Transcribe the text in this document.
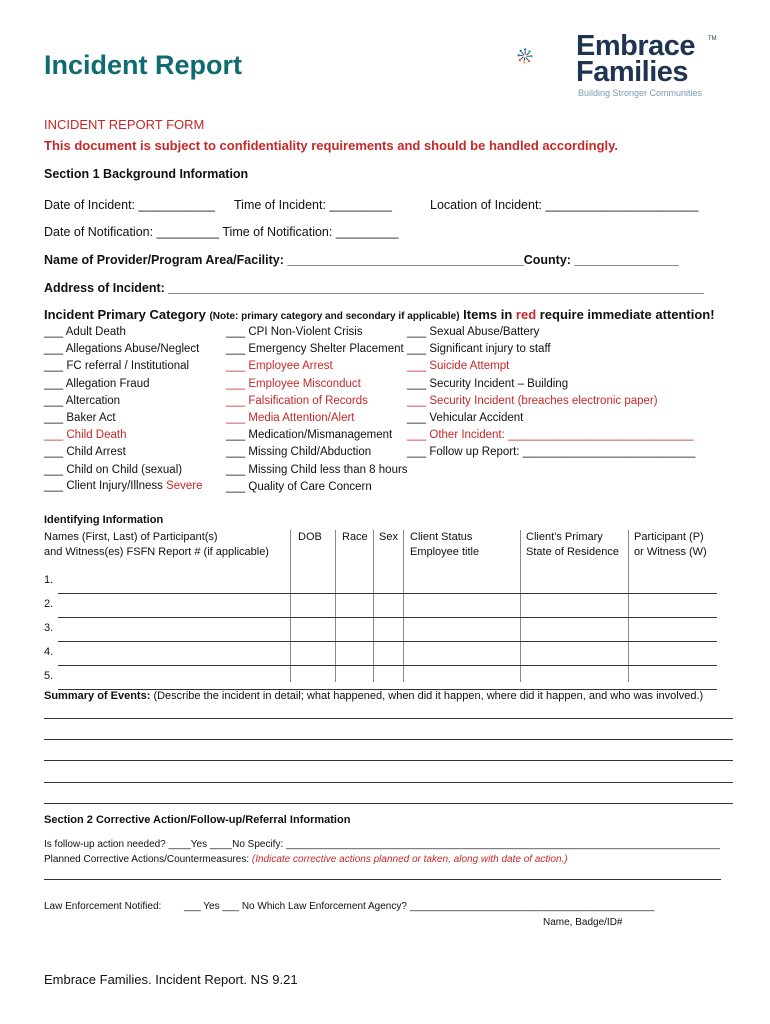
Incident Report
Embrace
Families
TM
Building Stronger Communities
INCIDENT REPORT FORM
This document is subject to confidentiality requirements and should be handled accordingly.
Section 1 Background Information
Date of Incident: ___________ Time of Incident: _________	Location of Incident: ______________________
Date of Notification: _________ Time of Notification: _________
Name of Provider/Program Area/Facility: __________________________________County: _______________
Address of Incident: _____________________________________________________________________________
Incident Primary Category (Note: primary category and secondary if applicable) Items in red require immediate attention!
___ Adult Death
___ Allegations Abuse/Neglect
___ FC referral / Institutional
___ Allegation Fraud
___ Altercation
___ Baker Act
___ Child Death
___ Child Arrest
___ Child on Child (sexual)
___ Client Injury/Illness Severe
___ CPI Non-Violent Crisis
___ Emergency Shelter Placement
___ Employee Arrest
___ Employee Misconduct
___ Falsification of Records
___ Media Attention/Alert
___ Medication/Mismanagement
___ Missing Child/Abduction
___ Missing Child less than 8 hours
___ Quality of Care Concern
___ Sexual Abuse/Battery
___ Significant injury to staff
___ Suicide Attempt
___ Security Incident – Building
___ Security Incident (breaches electronic paper)
___ Vehicular Accident
___ Other Incident: _____________________________
___ Follow up Report: ___________________________
Identifying Information
Names (First, Last) of Participant(s)
and Witness(es) FSFN Report # (if applicable)
DOB Race Sex Client Status
Employee title
Client’s Primary
State of Residence
Participant (P)
or Witness (W)
1.
2.
3.
4.
5.
Summary of Events: (Describe the incident in detail; what happened, when did it happen, where did it happen, and who was involved.)
Section 2 Corrective Action/Follow-up/Referral Information
Is follow-up action needed? ____Yes ____No Specify: ______________________________________________________________________________
Planned Corrective Actions/Countermeasures: (Indicate corrective actions planned or taken, along with date of action.)
Law Enforcement Notified: ___ Yes ___ No Which Law Enforcement Agency? ____________________________________________
Name, Badge/ID#
Embrace Families. Incident Report. NS 9.21
